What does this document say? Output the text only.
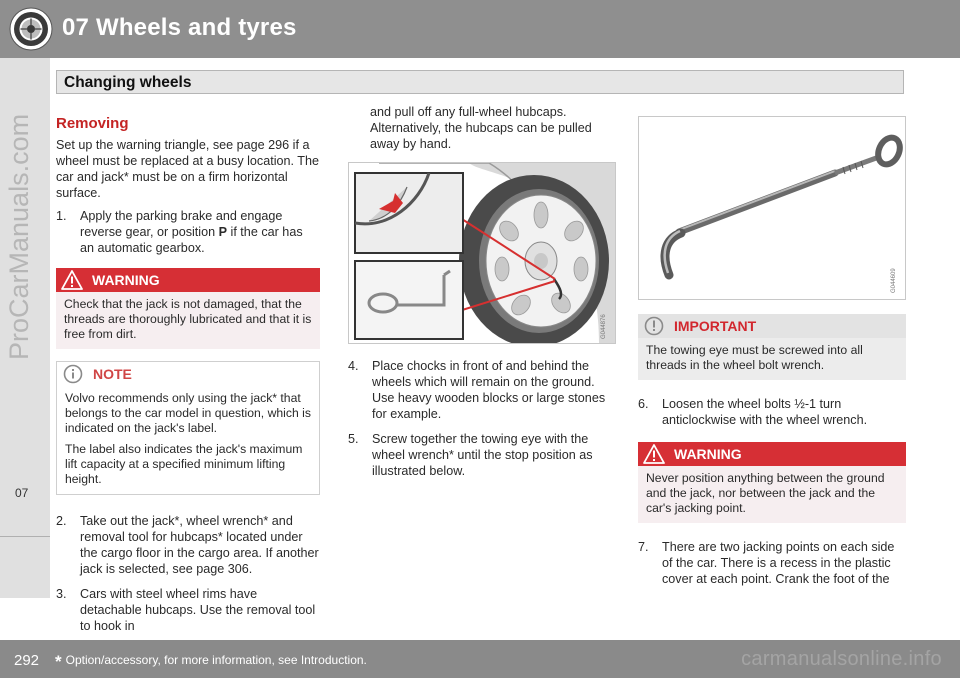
07 Wheels and tyres
Changing wheels
07
ProCarManuals.com Removing

Set up the warning triangle, see page 296 if a wheel must be replaced at a busy location. The car and jack* must be on a firm horizontal surface.

1. Apply the parking brake and engage reverse gear, or position P if the car has an automatic gearbox.
WARNING
Check that the jack is not damaged, that the threads are thoroughly lubricated and that it is free from dirt.
NOTE

Volvo recommends only using the jack* that belongs to the car model in question, which is indicated on the jack's label.

The label also indicates the jack's maximum lift capacity at a specified minimum lifting height.

2. Take out the jack*, wheel wrench* and removal tool for hubcaps* located under the cargo floor in the cargo area. If another jack is selected, see page 306.
3. Cars with steel wheel rims have detachable hubcaps. Use the removal tool to hook in

and pull off any full-wheel hubcaps. Alternatively, the hubcaps can be pulled away by hand.

G044876
4. Place chocks in front of and behind the wheels which will remain on the ground. Use heavy wooden blocks or large stones for example.
5. Screw together the towing eye with the wheel wrench* until the stop position as illustrated below.
G044609
IMPORTANT
The towing eye must be screwed into all threads in the wheel bolt wrench.
6. Loosen the wheel bolts ½-1 turn anticlockwise with the wheel wrench.
WARNING
Never position anything between the ground and the jack, nor between the jack and the car's jacking point.
7. There are two jacking points on each side of the car. There is a recess in the plastic cover at each point. Crank the foot of the
292 * Option/accessory, for more information, see Introduction.	carmanualsonline.info
